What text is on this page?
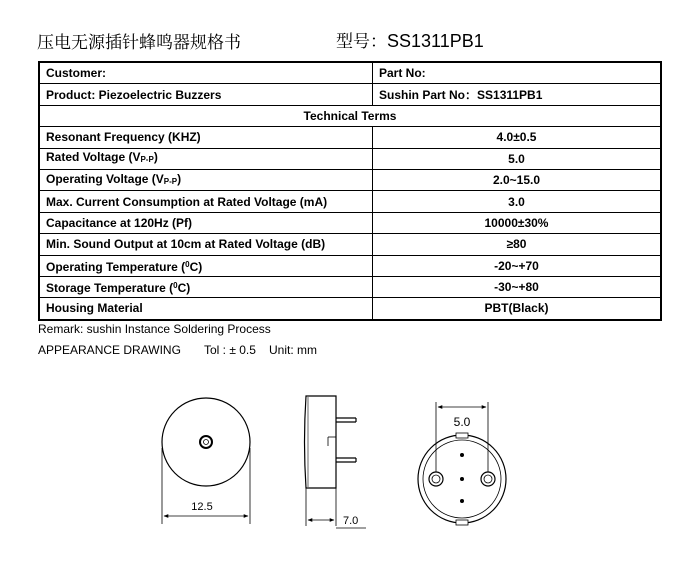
压电无源插针蜂鸣器规格书	型号：SS1311PB1
Customer:	Part No:
Product: Piezoelectric Buzzers	Sushin Part No：SS1311PB1
Technical Terms	
Resonant Frequency (KHZ)	4.0±0.5
Rated Voltage (VP-P)	5.0
Operating Voltage (VP-P)	2.0~15.0
Max. Current Consumption at Rated Voltage (mA)	3.0
Capacitance at 120Hz (Pf)	10000±30%
Min. Sound Output at 10cm at Rated Voltage (dB)	≥80
Operating Temperature ($^0$C)	-20~+70
Storage Temperature ($^0$C)	-30~+80
Housing Material	PBT(Black)
Remark: sushin Instance Soldering Process
APPEARANCE DRAWING Tol : ± 0.5 Unit: mm
12.5
7.0
5.0
